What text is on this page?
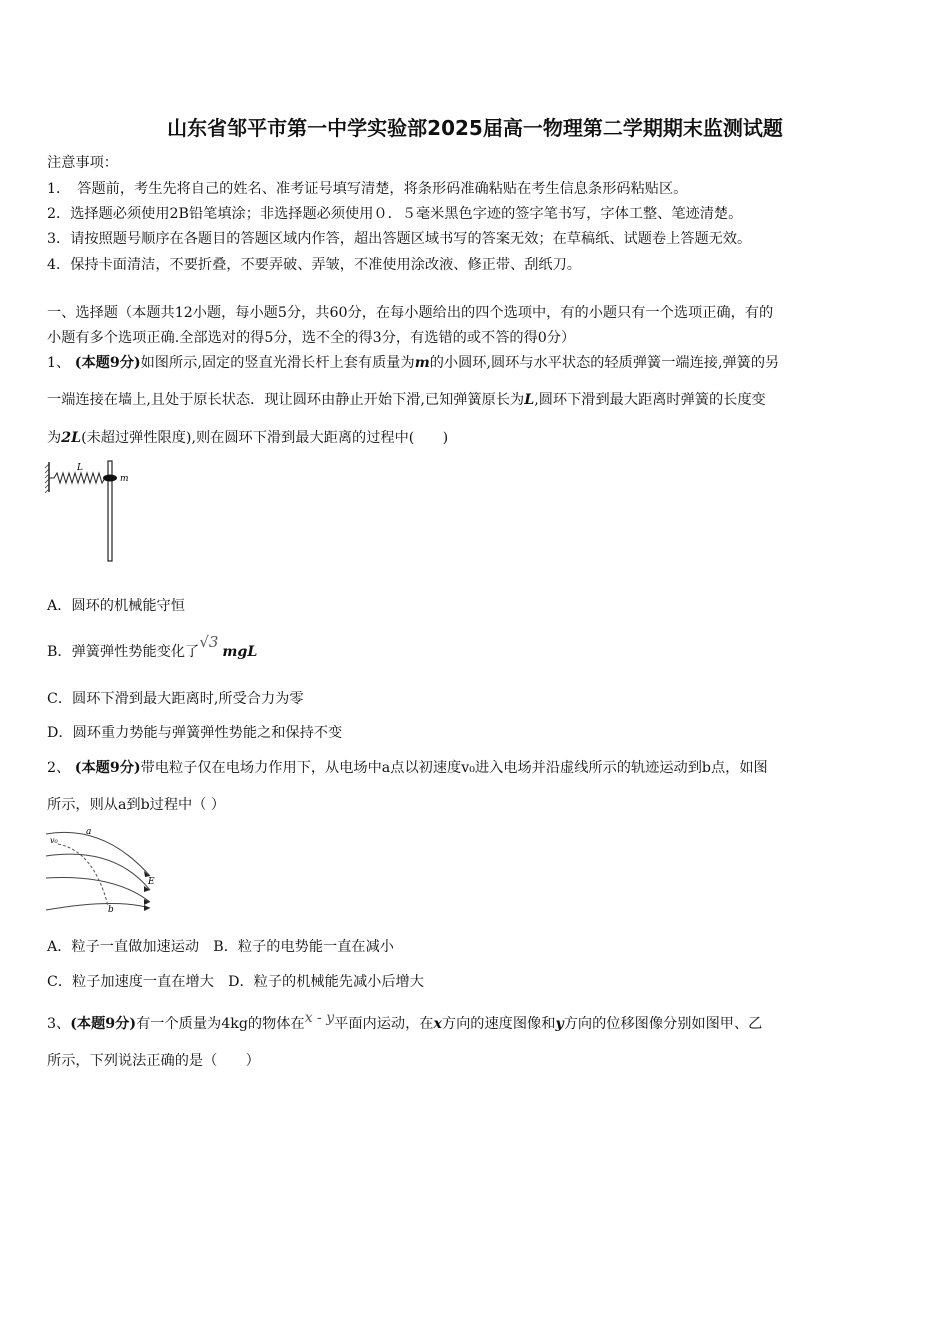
山东省邹平市第一中学实验部2025届高一物理第二学期期末监测试题
注意事项：
1．　答题前，考生先将自己的姓名、准考证号填写清楚，将条形码准确粘贴在考生信息条形码粘贴区。
2．选择题必须使用2B铅笔填涂；非选择题必须使用０．５毫米黑色字迹的签字笔书写，字体工整、笔迹清楚。
3．请按照题号顺序在各题目的答题区域内作答，超出答题区域书写的答案无效；在草稿纸、试题卷上答题无效。
4．保持卡面清洁，不要折叠，不要弄破、弄皱，不准使用涂改液、修正带、刮纸刀。
一、选择题（本题共12小题，每小题5分，共60分，在每小题给出的四个选项中，有的小题只有一个选项正确，有的
小题有多个选项正确.全部选对的得5分，选不全的得3分，有选错的或不答的得0分）
1、 (本题9分)如图所示,固定的竖直光滑长杆上套有质量为m的小圆环,圆环与水平状态的轻质弹簧一端连接,弹簧的另
一端连接在墙上,且处于原长状态．现让圆环由静止开始下滑,已知弹簧原长为L,圆环下滑到最大距离时弹簧的长度变
为2L(未超过弹性限度),则在圆环下滑到最大距离的过程中(　　)
L
m
A．圆环的机械能守恒
B．弹簧弹性势能变化了√3mgL
C．圆环下滑到最大距离时,所受合力为零
D．圆环重力势能与弹簧弹性势能之和保持不变
2、 (本题9分)带电粒子仅在电场力作用下，从电场中a点以初速度v₀进入电场并沿虚线所示的轨迹运动到b点，如图
所示，则从a到b过程中（ ）
a
v₀
b
E
A．粒子一直做加速运动　B．粒子的电势能一直在减小
C．粒子加速度一直在增大　D．粒子的机械能先减小后增大
3、(本题9分)有一个质量为4kg的物体在x - y平面内运动，在x方向的速度图像和y方向的位移图像分别如图甲、乙
所示，下列说法正确的是（　　）
